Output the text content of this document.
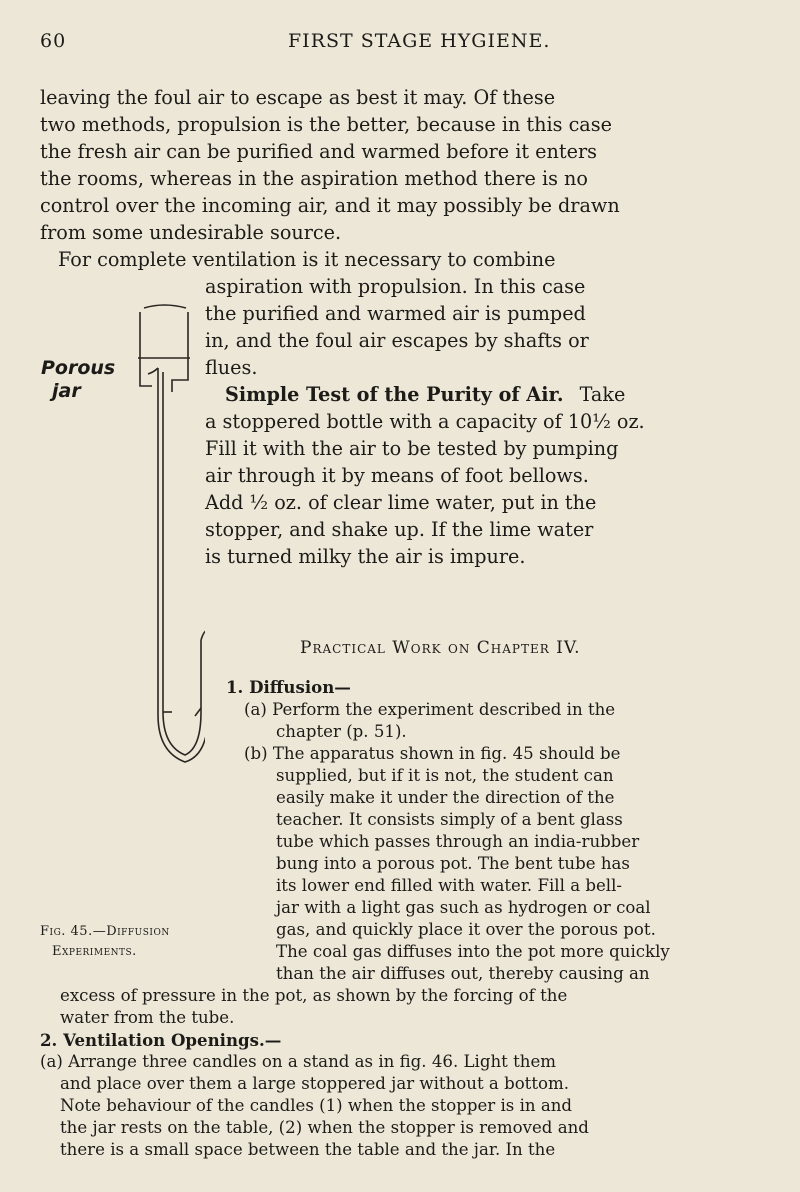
60	FIRST STAGE HYGIENE.
leaving the foul air to escape as best it may. Of these
two methods, propulsion is the better, because in this case
the fresh air can be purified and warmed before it enters
the rooms, whereas in the aspiration method there is no
control over the incoming air, and it may possibly be drawn
from some undesirable source.
For complete ventilation is it necessary to combine
aspiration with propulsion. In this case
the purified and warmed air is pumped
in, and the foul air escapes by shafts or
flues.
Simple Test of the Purity of Air. Take
a stoppered bottle with a capacity of 10½ oz.
Fill it with the air to be tested by pumping
air through it by means of foot bellows.
Add ½ oz. of clear lime water, put in the
stopper, and shake up. If the lime water
is turned milky the air is impure.
Porous
jar
Practical Work on Chapter IV.
1. Diffusion—
(a) Perform the experiment described in the
chapter (p. 51).
(b) The apparatus shown in fig. 45 should be
supplied, but if it is not, the student can
easily make it under the direction of the
teacher. It consists simply of a bent glass
tube which passes through an india-rubber
bung into a porous pot. The bent tube has
its lower end filled with water. Fill a bell-
jar with a light gas such as hydrogen or coal
gas, and quickly place it over the porous pot.
The coal gas diffuses into the pot more quickly
than the air diffuses out, thereby causing an
Fig. 45.—Diffusion
Experiments.
excess of pressure in the pot, as shown by the forcing of the
water from the tube.
2. Ventilation Openings.—
(a) Arrange three candles on a stand as in fig. 46. Light them
and place over them a large stoppered jar without a bottom.
Note behaviour of the candles (1) when the stopper is in and
the jar rests on the table, (2) when the stopper is removed and
there is a small space between the table and the jar. In the
